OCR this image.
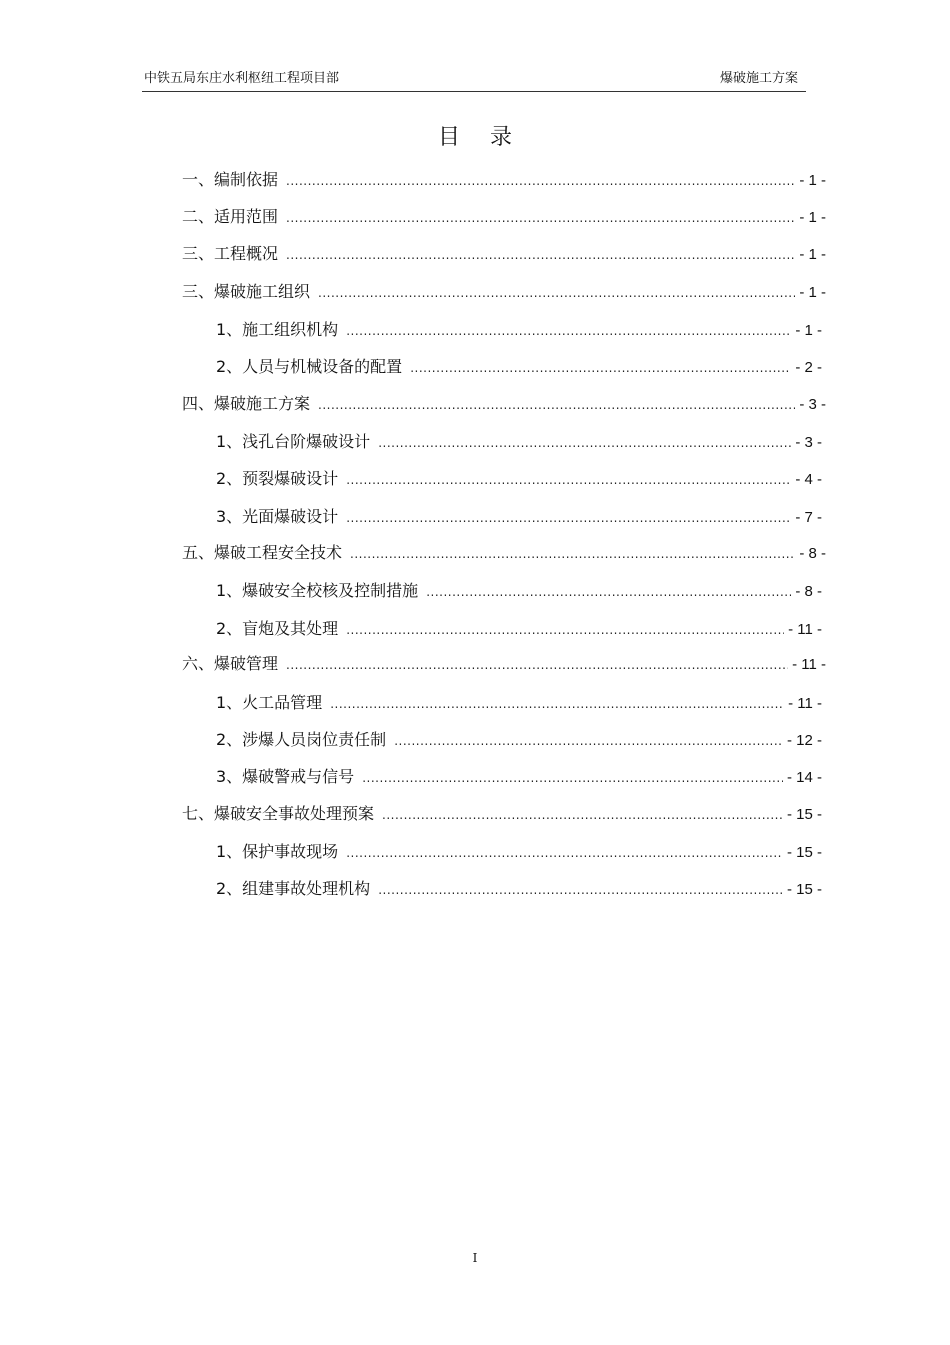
中铁五局东庄水利枢纽工程项目部	爆破施工方案
目录
一、编制依据 .....	- 1 -
二、适用范围 .....	- 1 -
三、工程概况 .....	- 1 -
三、爆破施工组织 .....	- 1 -
1、施工组织机构 .....	- 1 -
2、人员与机械设备的配置 .....	- 2 -
四、爆破施工方案 .....	- 3 -
1、浅孔台阶爆破设计 .....	- 3 -
2、预裂爆破设计 .....	- 4 -
3、光面爆破设计 .....	- 7 -
五、爆破工程安全技术 .....	- 8 -
1、爆破安全校核及控制措施 .....	- 8 -
2、盲炮及其处理 .....	- 11 -
六、爆破管理 .....	- 11 -
1、火工品管理 .....	- 11 -
2、涉爆人员岗位责任制 .....	- 12 -
3、爆破警戒与信号 .....	- 14 -
七、爆破安全事故处理预案 .....	- 15 -
1、保护事故现场 .....	- 15 -
2、组建事故处理机构 .....	- 15 -
I
